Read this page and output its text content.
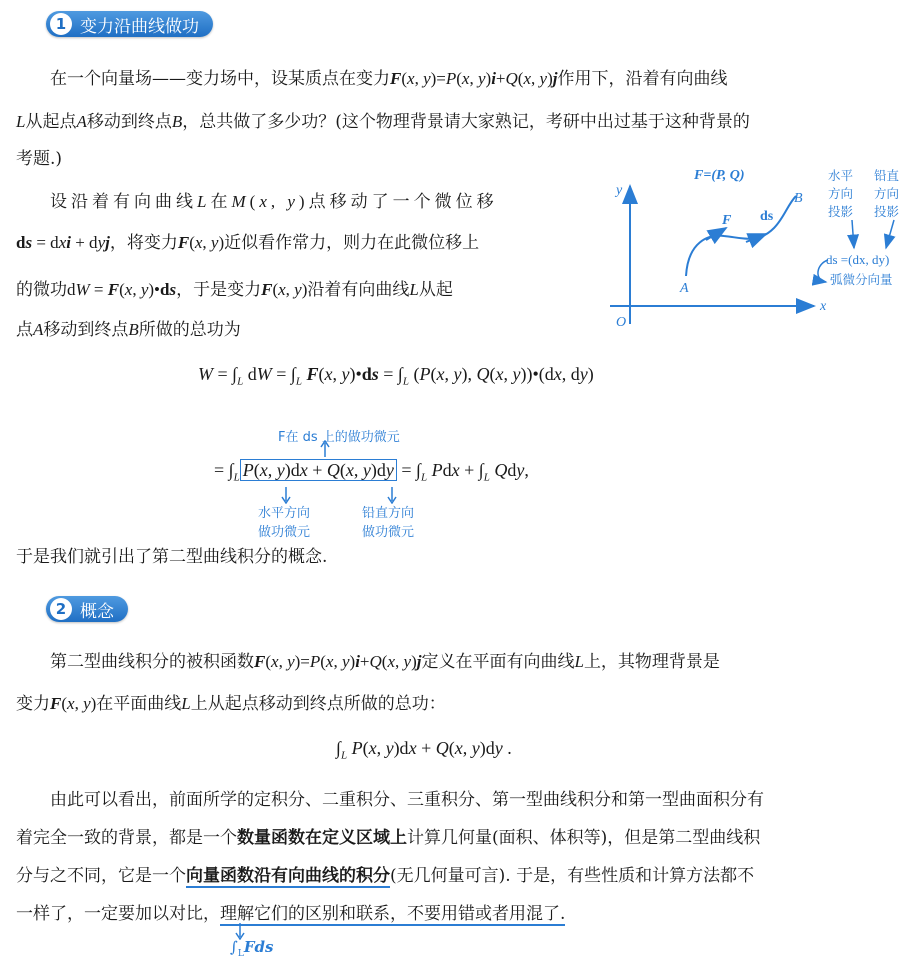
1 变力沿曲线做功

在一个向量场——变力场中，设某质点在变力F(x, y)=P(x, y)i+Q(x, y)j作用下，沿着有向曲线

L从起点A移动到终点B，总共做了多少功？(这个物理背景请大家熟记，考研中出过基于这种背景的

考题.)

设沿着有向曲线L在M(x, y)点移动了一个微位移

ds = dxi + dyj，将变力F(x, y)近似看作常力，则力在此微位移上

的微功dW = F(x, y)•ds，于是变力F(x, y)沿着有向曲线L从起

点A移动到终点B所做的总功为

x
y
O
F=(P, Q)
F ds
A
B
水平
方向
投影
铅直
方向
投影
ds =(dx, dy)
弧微分向量
$W = \int_L$ dW = $\int_L$ F(x, y)•ds = $\int_L$ (P(x, y), Q(x, y))•(dx, dy)
F在 ds 上的做功微元
= $\int_L$ P(x, y)dx + Q(x, $y)dy = \int_L$ Pdx + $\int_L$ Qdy,
水平方向
做功微元
铅直方向
做功微元

于是我们就引出了第二型曲线积分的概念.

2 概念

第二型曲线积分的被积函数F(x, y)=P(x, y)i+Q(x, y)j定义在平面有向曲线L上，其物理背景是

变力F(x, y)在平面曲线L上从起点移动到终点所做的总功：

$\int_L$ P(x, y)dx + Q(x, y)dy .

由此可以看出，前面所学的定积分、二重积分、三重积分、第一型曲线积分和第一型曲面积分有

着完全一致的背景，都是一个数量函数在定义区域上计算几何量(面积、体积等)，但是第二型曲线积

分与之不同，它是一个向量函数沿有向曲线的积分(无几何量可言). 于是，有些性质和计算方法都不

一样了，一定要加以对比，理解它们的区别和联系，不要用错或者用混了.

$\int_LFds$
